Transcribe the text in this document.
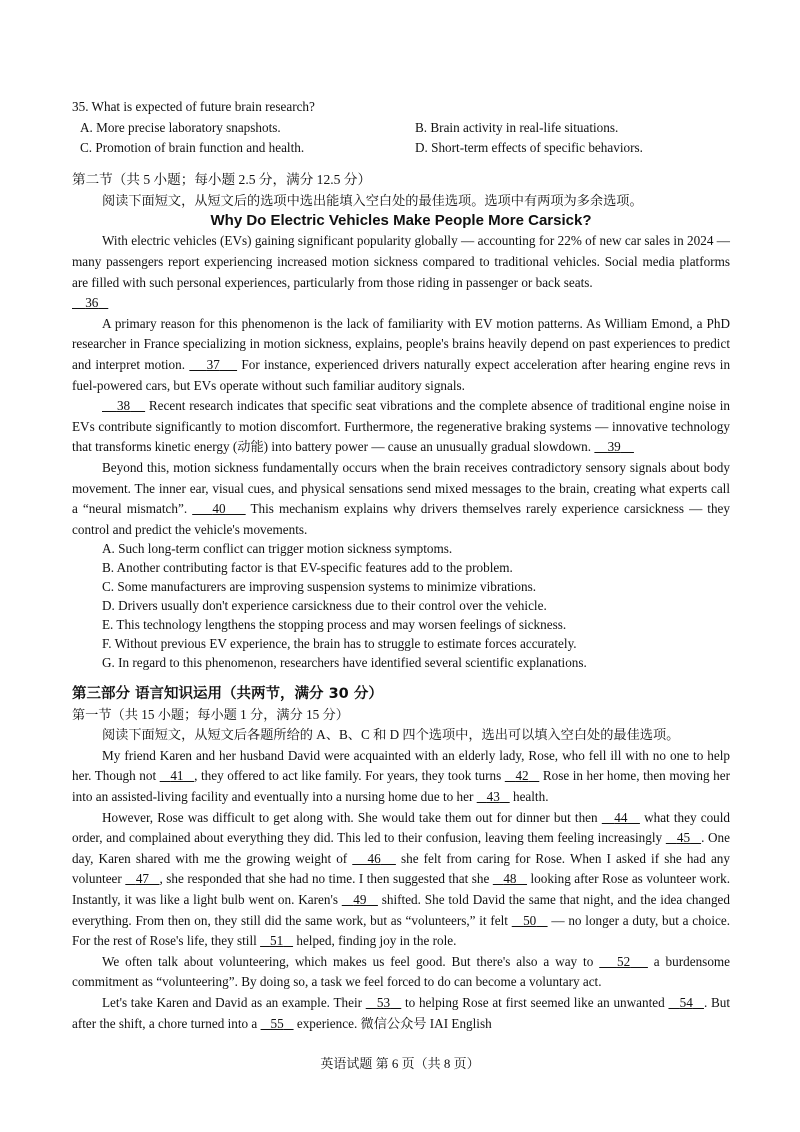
35. What is expected of future brain research?
A. More precise laboratory snapshots.	B. Brain activity in real-life situations.
C. Promotion of brain function and health.	D. Short-term effects of specific behaviors.
第二节（共 5 小题；每小题 2.5 分，满分 12.5 分）
阅读下面短文，从短文后的选项中选出能填入空白处的最佳选项。选项中有两项为多余选项。
Why Do Electric Vehicles Make People More Carsick?
With electric vehicles (EVs) gaining significant popularity globally — accounting for 22% of new car sales in 2024 — many passengers report experiencing increased motion sickness compared to traditional vehicles. Social media platforms are filled with such personal experiences, particularly from those riding in passenger or back seats.
36
A primary reason for this phenomenon is the lack of familiarity with EV motion patterns. As William Emond, a PhD researcher in France specializing in motion sickness, explains, people's brains heavily depend on past experiences to predict and interpret motion. 37 For instance, experienced drivers naturally expect acceleration after hearing engine revs in fuel-powered cars, but EVs operate without such familiar auditory signals.
38 Recent research indicates that specific seat vibrations and the complete absence of traditional engine noise in EVs contribute significantly to motion discomfort. Furthermore, the regenerative braking systems — innovative technology that transforms kinetic energy (动能) into battery power — cause an unusually gradual slowdown. 39
Beyond this, motion sickness fundamentally occurs when the brain receives contradictory sensory signals about body movement. The inner ear, visual cues, and physical sensations send mixed messages to the brain, creating what experts call a “neural mismatch”. 40 This mechanism explains why drivers themselves rarely experience carsickness — they control and predict the vehicle's movements.
A. Such long-term conflict can trigger motion sickness symptoms.
B. Another contributing factor is that EV-specific features add to the problem.
C. Some manufacturers are improving suspension systems to minimize vibrations.
D. Drivers usually don't experience carsickness due to their control over the vehicle.
E. This technology lengthens the stopping process and may worsen feelings of sickness.
F. Without previous EV experience, the brain has to struggle to estimate forces accurately.
G. In regard to this phenomenon, researchers have identified several scientific explanations.
第三部分 语言知识运用（共两节，满分 30 分）
第一节（共 15 小题；每小题 1 分，满分 15 分）
阅读下面短文，从短文后各题所给的 A、B、C 和 D 四个选项中，选出可以填入空白处的最佳选项。
My friend Karen and her husband David were acquainted with an elderly lady, Rose, who fell ill with no one to help her. Though not    41 , they offered to act like family. For years, they took turns    42    Rose in her home, then moving her into an assisted-living facility and eventually into a nursing home due to her    43    health.
However, Rose was difficult to get along with. She would take them out for dinner but then    44    what they could order, and complained about everything they did. This led to their confusion, leaving them feeling increasingly    45 . One day, Karen shared with me the growing weight of    46    she felt from caring for Rose. When I asked if she had any volunteer    47 , she responded that she had no time. I then suggested that she    48    looking after Rose as volunteer work. Instantly, it was like a light bulb went on. Karen's    49    shifted. She told David the same that night, and the idea changed everything. From then on, they still did the same work, but as “volunteers,” it felt    50    — no longer a duty, but a choice. For the rest of Rose's life, they still    51    helped, finding joy in the role.
We often talk about volunteering, which makes us feel good. But there's also a way to    52    a burdensome commitment as “volunteering”. By doing so, a task we feel forced to do can become a voluntary act.
Let's take Karen and David as an example. Their    53    to helping Rose at first seemed like an unwanted    54 . But after the shift, a chore turned into a    55    experience. 微信公众号 IAI English
英语试题 第 6 页（共 8 页）
